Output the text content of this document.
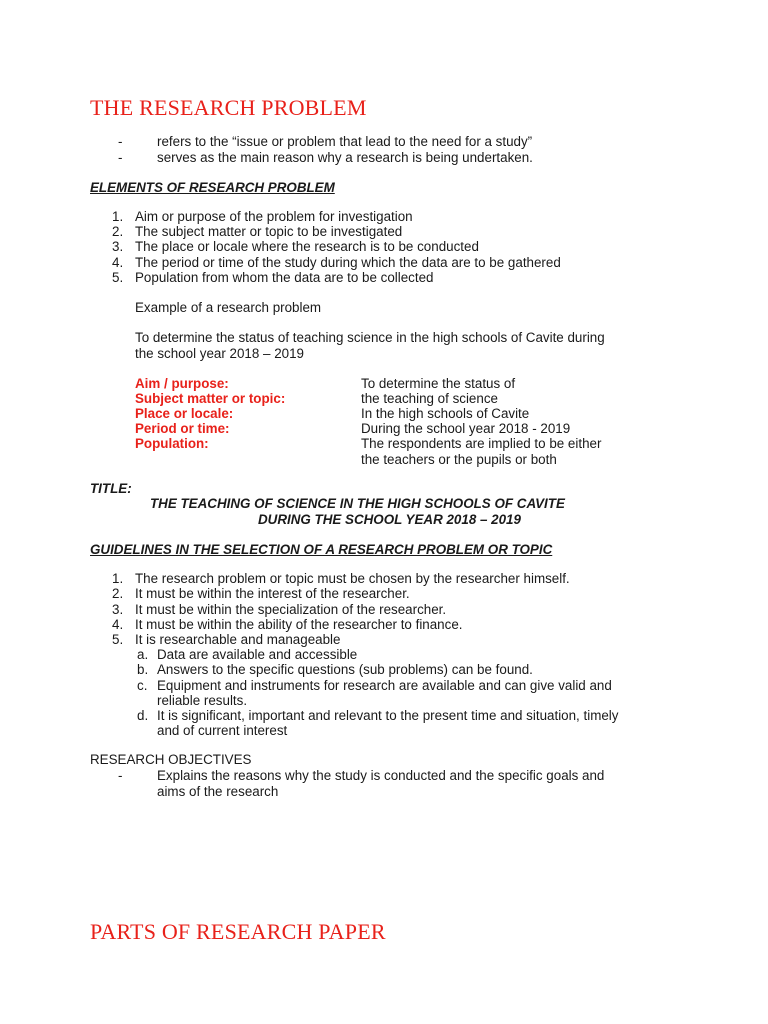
THE RESEARCH PROBLEM
-	refers to the “issue or problem that lead to the need for a study”
-	serves as the main reason why a research is being undertaken.
ELEMENTS OF RESEARCH PROBLEM
1. Aim or purpose of the problem for investigation
2. The subject matter or topic to be investigated
3. The place or locale where the research is to be conducted
4. The period or time of the study during which the data are to be gathered
5. Population from whom the data are to be collected
Example of a research problem
To determine the status of teaching science in the high schools of Cavite during
the school year 2018 – 2019
Aim / purpose:	To determine the status of
Subject matter or topic:	the teaching of science
Place or locale:	In the high schools of Cavite
Period or time:	During the school year 2018 - 2019
Population:	The respondents are implied to be either
the teachers or the pupils or both
TITLE:
THE TEACHING OF SCIENCE IN THE HIGH SCHOOLS OF CAVITE
DURING THE SCHOOL YEAR 2018 – 2019
GUIDELINES IN THE SELECTION OF A RESEARCH PROBLEM OR TOPIC
1. The research problem or topic must be chosen by the researcher himself.
2. It must be within the interest of the researcher.
3. It must be within the specialization of the researcher.
4. It must be within the ability of the researcher to finance.
5. It is researchable and manageable
a. Data are available and accessible
b. Answers to the specific questions (sub problems) can be found.
c. Equipment and instruments for research are available and can give valid and
reliable results.
d. It is significant, important and relevant to the present time and situation, timely
and of current interest
RESEARCH OBJECTIVES
-	Explains the reasons why the study is conducted and the specific goals and
aims of the research
PARTS OF RESEARCH PAPER
